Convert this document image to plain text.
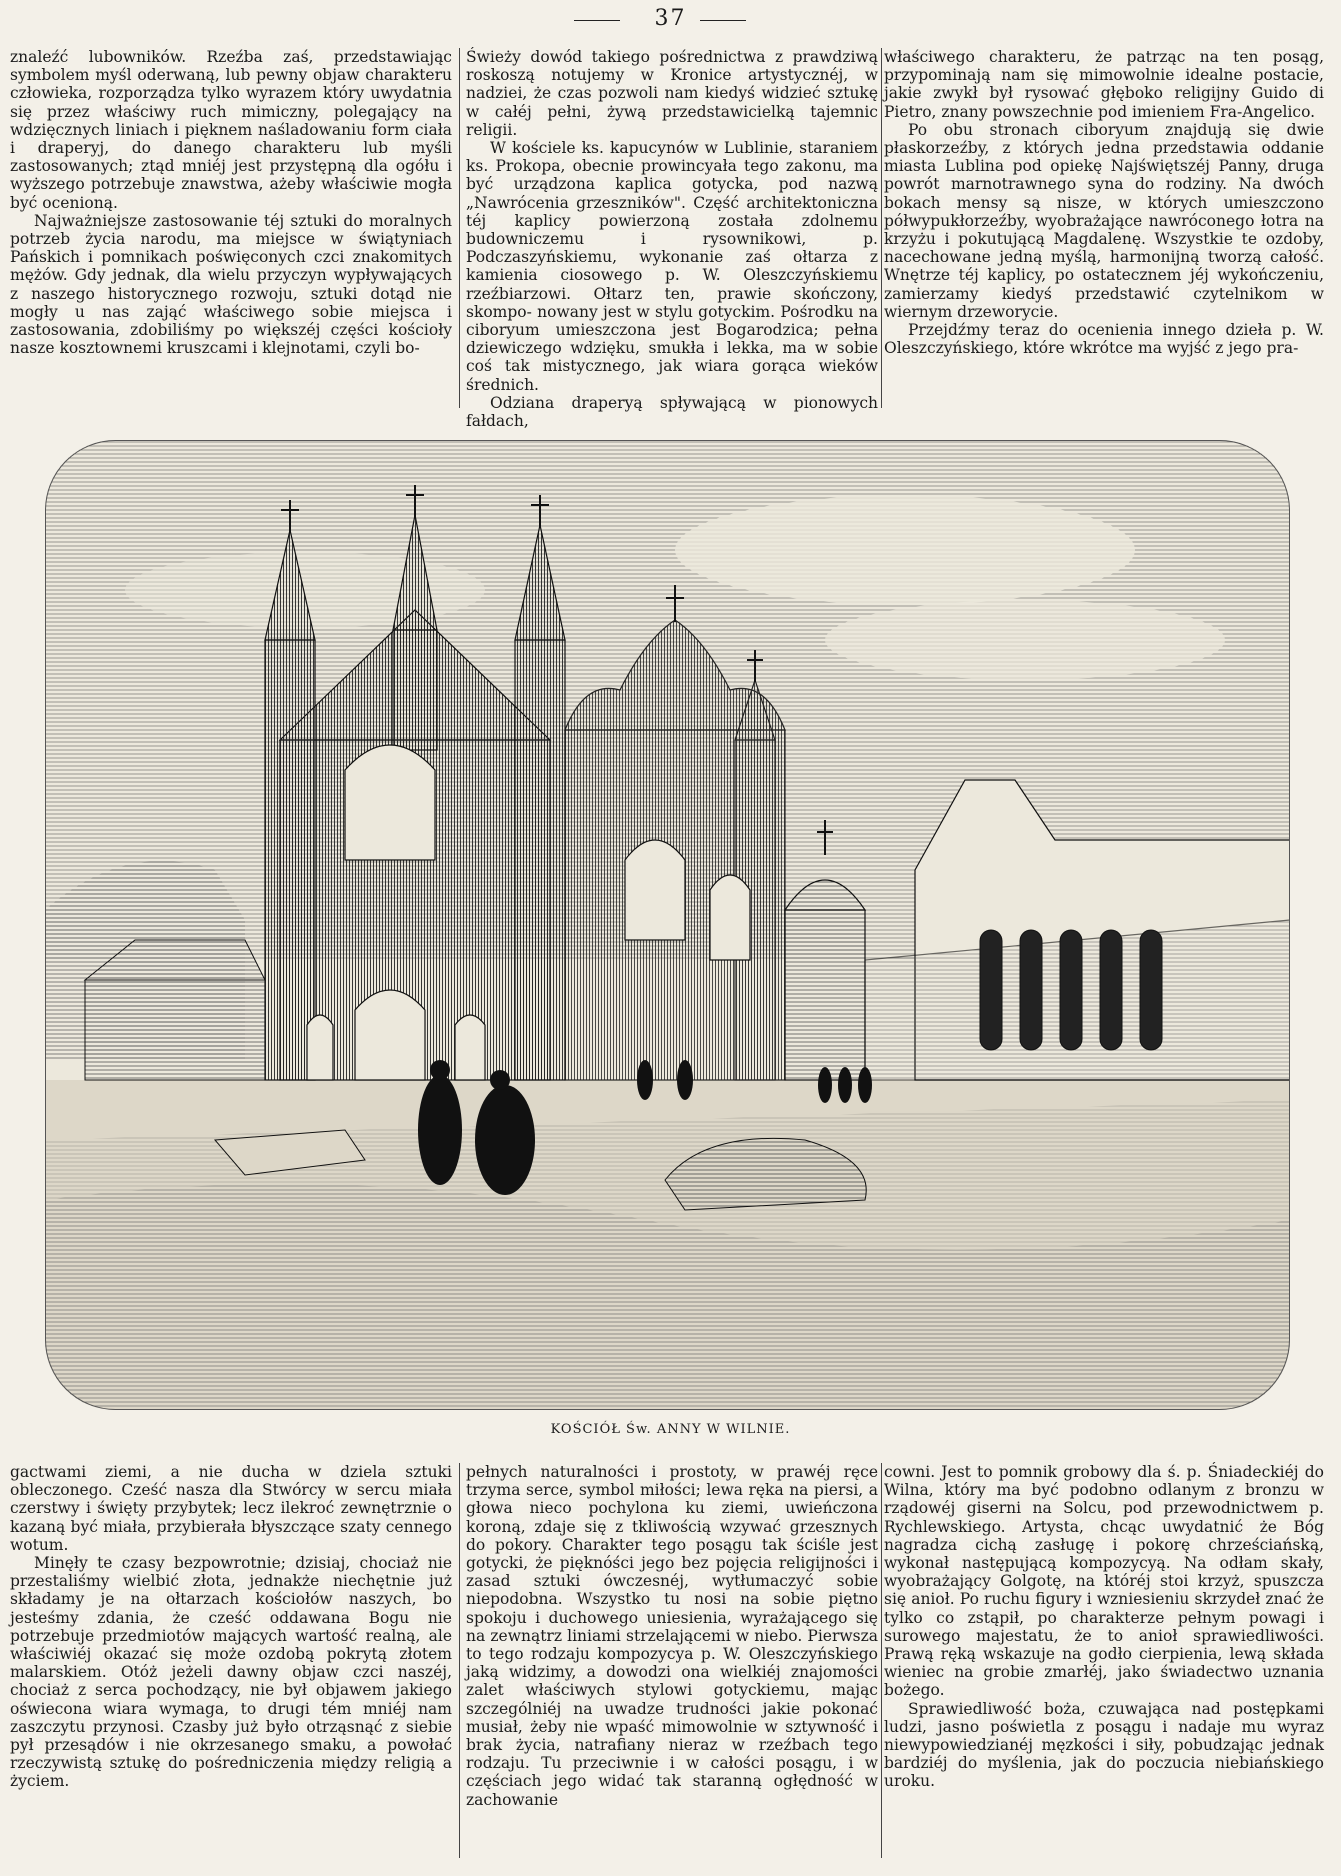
37

znaleźć lubowników. Rzeźba zaś, przedstawiając symbolem myśl oderwaną, lub pewny objaw charakteru człowieka, rozporządza tylko wyrazem który uwydatnia się przez właściwy ruch mimiczny, polegający na wdzięcznych liniach i pięknem naśladowaniu form ciała i draperyj, do danego charakteru lub myśli zastosowanych; ztąd mniéj jest przystępną dla ogółu i wyższego potrzebuje znawstwa, ażeby właściwie mogła być ocenioną.

Najważniejsze zastosowanie téj sztuki do moralnych potrzeb życia narodu, ma miejsce w świątyniach Pańskich i pomnikach poświęconych czci znakomitych mężów. Gdy jednak, dla wielu przyczyn wypływających z naszego historycznego rozwoju, sztuki dotąd nie mogły u nas zająć właściwego sobie miejsca i zastosowania, zdobiliśmy po większéj części kościoły nasze kosztownemi kruszcami i klejnotami, czyli bo-

Świeży dowód takiego pośrednictwa z prawdziwą roskoszą notujemy w Kronice artystycznéj, w nadziei, że czas pozwoli nam kiedyś widzieć sztukę w całéj pełni, żywą przedstawicielką tajemnic religii.

W kościele ks. kapucynów w Lublinie, staraniem ks. Prokopa, obecnie prowincyała tego zakonu, ma być urządzona kaplica gotycka, pod nazwą „Nawrócenia grzeszników". Część architektoniczna téj kaplicy powierzoną została zdolnemu budowniczemu i rysownikowi, p. Podczaszyńskiemu, wykonanie zaś ołtarza z kamienia ciosowego p. W. Oleszczyńskiemu rzeźbiarzowi. Ołtarz ten, prawie skończony, skompo- nowany jest w stylu gotyckim. Pośrodku na ciboryum umieszczona jest Bogarodzica; pełna dziewiczego wdzięku, smukła i lekka, ma w sobie coś tak mistycznego, jak wiara gorąca wieków średnich.

Odziana draperyą spływającą w pionowych fałdach,

właściwego charakteru, że patrząc na ten posąg, przypominają nam się mimowolnie idealne postacie, jakie zwykł był rysować głęboko religijny Guido di Pietro, znany powszechnie pod imieniem Fra-Angelico.

Po obu stronach ciboryum znajdują się dwie płaskorzeźby, z których jedna przedstawia oddanie miasta Lublina pod opiekę Najświętszéj Panny, druga powrót marnotrawnego syna do rodziny. Na dwóch bokach mensy są nisze, w których umieszczono półwypukłorzeźby, wyobrażające nawróconego łotra na krzyżu i pokutującą Magdalenę. Wszystkie te ozdoby, nacechowane jedną myślą, harmonijną tworzą całość. Wnętrze téj kaplicy, po ostatecznem jéj wykończeniu, zamierzamy kiedyś przedstawić czytelnikom w wiernym drzeworycie.

Przejdźmy teraz do ocenienia innego dzieła p. W. Oleszczyńskiego, które wkrótce ma wyjść z jego pra-

KOŚCIÓŁ Św. ANNY W WILNIE.

gactwami ziemi, a nie ducha w dziela sztuki obleczonego. Cześć nasza dla Stwórcy w sercu miała czerstwy i święty przybytek; lecz ilekroć zewnętrznie o kazaną być miała, przybierała błyszczące szaty cennego wotum.

Minęły te czasy bezpowrotnie; dzisiaj, chociaż nie przestaliśmy wielbić złota, jednakże niechętnie już składamy je na ołtarzach kościołów naszych, bo jesteśmy zdania, że cześć oddawana Bogu nie potrzebuje przedmiotów mających wartość realną, ale właściwiéj okazać się może ozdobą pokrytą złotem malarskiem. Otóż jeżeli dawny objaw czci naszéj, chociaż z serca pochodzący, nie był objawem jakiego oświecona wiara wymaga, to drugi tém mniéj nam zaszczytu przynosi. Czasby już było otrząsnąć z siebie pył przesądów i nie okrzesanego smaku, a powołać rzeczywistą sztukę do pośredniczenia między religią a życiem.

pełnych naturalności i prostoty, w prawéj ręce trzyma serce, symbol miłości; lewa ręka na piersi, a głowa nieco pochylona ku ziemi, uwieńczona koroną, zdaje się z tkliwością wzywać grzesznych do pokory. Charakter tego posągu tak ściśle jest gotycki, że pięknóści jego bez pojęcia religijności i zasad sztuki ówczesnéj, wytłumaczyć sobie niepodobna. Wszystko tu nosi na sobie piętno spokoju i duchowego uniesienia, wyrażającego się na zewnątrz liniami strzelającemi w niebo. Pierwsza to tego rodzaju kompozycya p. W. Oleszczyńskiego jaką widzimy, a dowodzi ona wielkiéj znajomości zalet właściwych stylowi gotyckiemu, mając szczególniéj na uwadze trudności jakie pokonać musiał, żeby nie wpaść mimowolnie w sztywność i brak życia, natrafiany nieraz w rzeźbach tego rodzaju. Tu przeciwnie i w całości posągu, i w częściach jego widać tak staranną ogłędność w zachowanie

cowni. Jest to pomnik grobowy dla ś. p. Śniadeckiéj do Wilna, który ma być podobno odlanym z bronzu w rządowéj giserni na Solcu, pod przewodnictwem p. Rychlewskiego. Artysta, chcąc uwydatnić że Bóg nagradza cichą zasługę i pokorę chrześciańską, wykonał następującą kompozycyą. Na odłam skały, wyobrażający Golgotę, na któréj stoi krzyż, spuszcza się anioł. Po ruchu figury i wzniesieniu skrzydeł znać że tylko co zstąpił, po charakterze pełnym powagi i surowego majestatu, że to anioł sprawiedliwości. Prawą ręką wskazuje na godło cierpienia, lewą składa wieniec na grobie zmarłéj, jako świadectwo uznania bożego.

Sprawiedliwość boża, czuwająca nad postępkami ludzi, jasno poświetla z posągu i nadaje mu wyraz niewypowiedzianéj męzkości i siły, pobudzając jednak bardziéj do myślenia, jak do poczucia niebiańskiego uroku.
